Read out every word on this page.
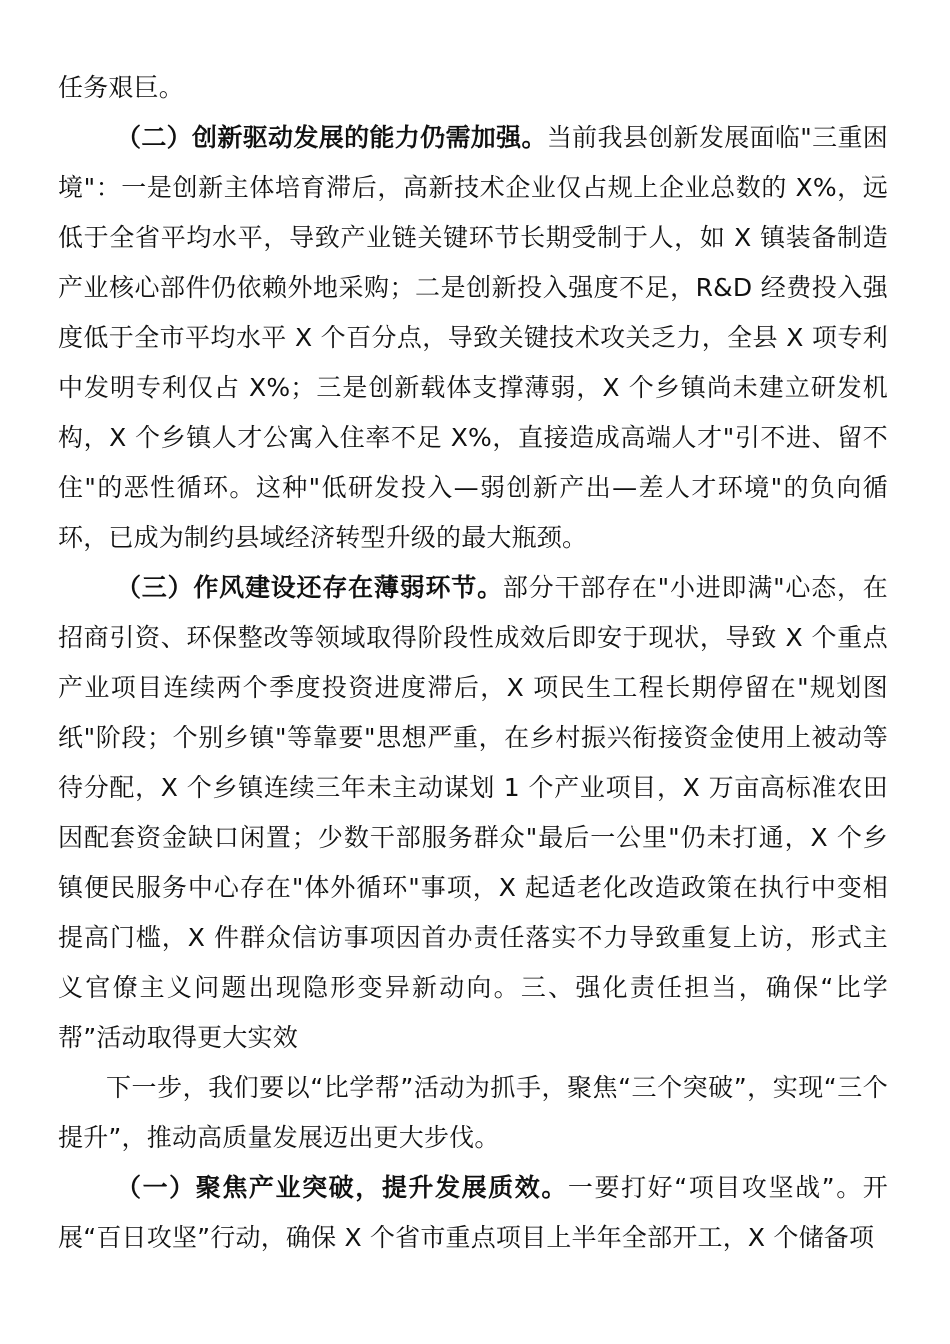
任务艰巨。

（二）创新驱动发展的能力仍需加强。当前我县创新发展面临"三重困境"：一是创新主体培育滞后，高新技术企业仅占规上企业总数的 X%，远低于全省平均水平，导致产业链关键环节长期受制于人，如 X 镇装备制造产业核心部件仍依赖外地采购；二是创新投入强度不足，R&D 经费投入强度低于全市平均水平 X 个百分点，导致关键技术攻关乏力，全县 X 项专利中发明专利仅占 X%；三是创新载体支撑薄弱，X 个乡镇尚未建立研发机构，X 个乡镇人才公寓入住率不足 X%，直接造成高端人才"引不进、留不住"的恶性循环。这种"低研发投入—弱创新产出—差人才环境"的负向循环，已成为制约县域经济转型升级的最大瓶颈。

（三）作风建设还存在薄弱环节。部分干部存在"小进即满"心态，在招商引资、环保整改等领域取得阶段性成效后即安于现状，导致 X 个重点产业项目连续两个季度投资进度滞后，X 项民生工程长期停留在"规划图纸"阶段；个别乡镇"等靠要"思想严重，在乡村振兴衔接资金使用上被动等待分配，X 个乡镇连续三年未主动谋划 1 个产业项目，X 万亩高标准农田因配套资金缺口闲置；少数干部服务群众"最后一公里"仍未打通，X 个乡镇便民服务中心存在"体外循环"事项，X 起适老化改造政策在执行中变相提高门槛，X 件群众信访事项因首办责任落实不力导致重复上访，形式主义官僚主义问题出现隐形变异新动向。三、强化责任担当，确保“比学帮”活动取得更大实效

下一步，我们要以“比学帮”活动为抓手，聚焦“三个突破”，实现“三个提升”，推动高质量发展迈出更大步伐。

（一）聚焦产业突破，提升发展质效。一要打好“项目攻坚战”。开展“百日攻坚”行动，确保 X 个省市重点项目上半年全部开工，X 个储备项
